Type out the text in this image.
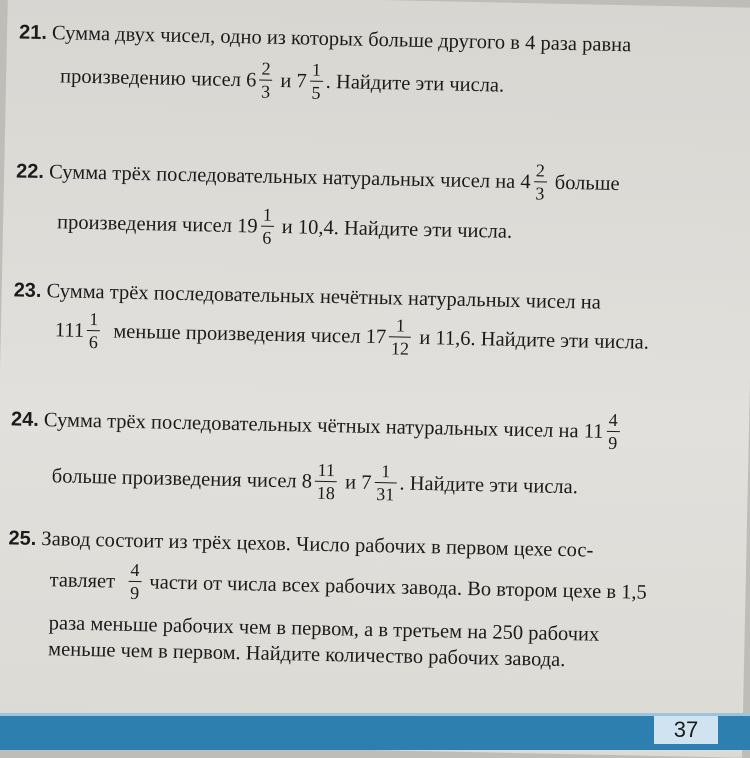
21. Сумма двух чисел, одно из которых больше другого в 4 раза равна
произведению чисел
$6 \frac{2}{3}$
и
$7 \frac{1}{5}$ . Найдите эти числа.
22.
Сумма трёх последовательных натуральных чисел на
$4 \frac{2}{3}$
больше
произведения чисел
$19 \frac{1}{6}$
и 10,4. Найдите эти числа.
23. Сумма трёх последовательных нечётных натуральных чисел на
$111 \frac{1}{6}$
меньше произведения чисел
$17 \frac{1}{12}$
и 11,6. Найдите эти числа.
24.
Сумма трёх последовательных чётных натуральных чисел на
$11 \frac{4}{9}$
больше произведения чисел
$8 \frac{11}{18}$
и
$7 \frac{1}{31}$ . Найдите эти числа.
25. Завод состоит из трёх цехов. Число рабочих в первом цехе сос-
тавляет
$\frac{4}{9}$
части от числа всех рабочих завода. Во втором цехе в 1,5
раза меньше рабочих чем в первом, а в третьем на 250 рабочих
меньше чем в первом. Найдите количество рабочих завода.
37
